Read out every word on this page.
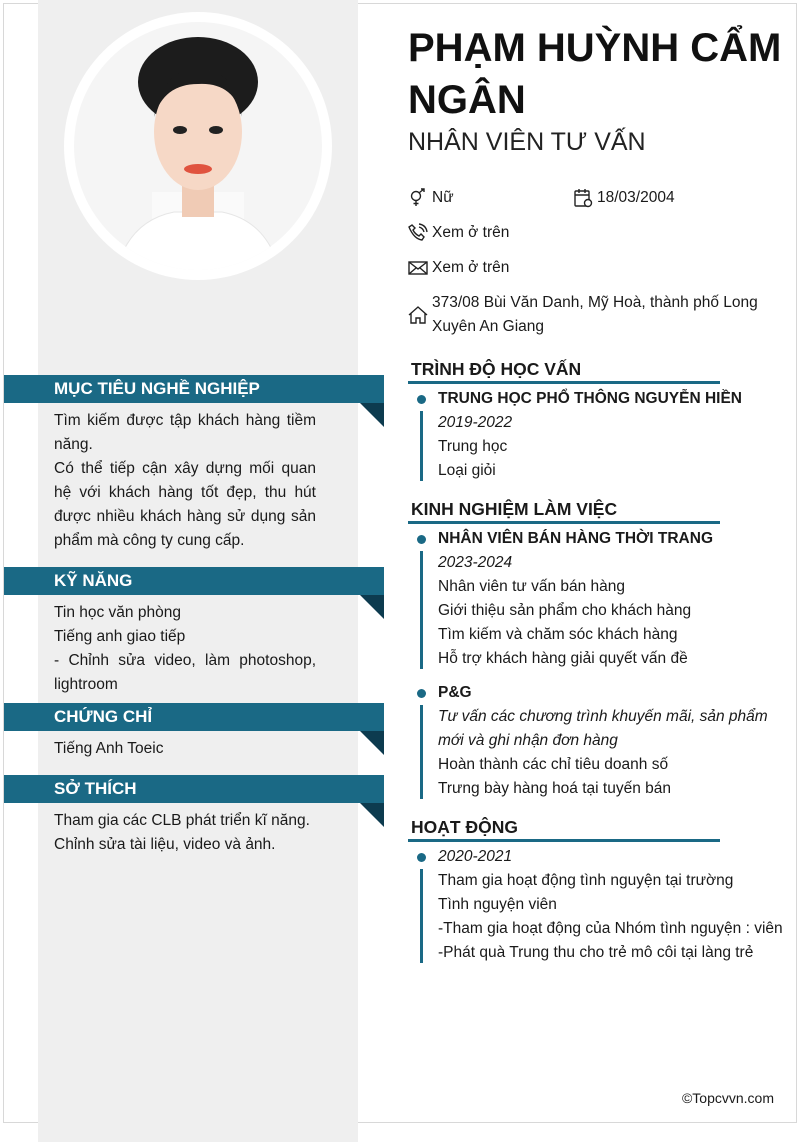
MỤC TIÊU NGHỀ NGHIỆP
Tìm kiếm được tập khách hàng tiềm năng.
Có thể tiếp cận xây dựng mối quan hệ với khách hàng tốt đẹp, thu hút được nhiều khách hàng sử dụng sản phẩm mà công ty cung cấp.
KỸ NĂNG
Tin học văn phòng
Tiếng anh giao tiếp
- Chỉnh sửa video, làm photoshop, lightroom
CHỨNG CHỈ
Tiếng Anh Toeic
SỞ THÍCH
Tham gia các CLB phát triển kĩ năng.
Chỉnh sửa tài liệu, video và ảnh.
PHẠM HUỲNH CẨM NGÂN
NHÂN VIÊN TƯ VẤN
Nữ	18/03/2004
Xem ở trên
Xem ở trên
373/08 Bùi Văn Danh, Mỹ Hoà, thành phố Long Xuyên An Giang
TRÌNH ĐỘ HỌC VẤN
TRUNG HỌC PHỔ THÔNG NGUYỄN HIỀN
2019-2022
Trung học
Loại giỏi
KINH NGHIỆM LÀM VIỆC
NHÂN VIÊN BÁN HÀNG THỜI TRANG
2023-2024
Nhân viên tư vấn bán hàng
Giới thiệu sản phẩm cho khách hàng
Tìm kiếm và chăm sóc khách hàng
Hỗ trợ khách hàng giải quyết vấn đề
P&G
Tư vấn các chương trình khuyến mãi, sản phẩm mới và ghi nhận đơn hàng
Hoàn thành các chỉ tiêu doanh số
Trưng bày hàng hoá tại tuyến bán
HOẠT ĐỘNG
2020-2021
Tham gia hoạt động tình nguyện tại trường
Tình nguyện viên
-Tham gia hoạt động của Nhóm tình nguyện : viên
-Phát quà Trung thu cho trẻ mô côi tại làng trẻ
©Topcvvn.com
